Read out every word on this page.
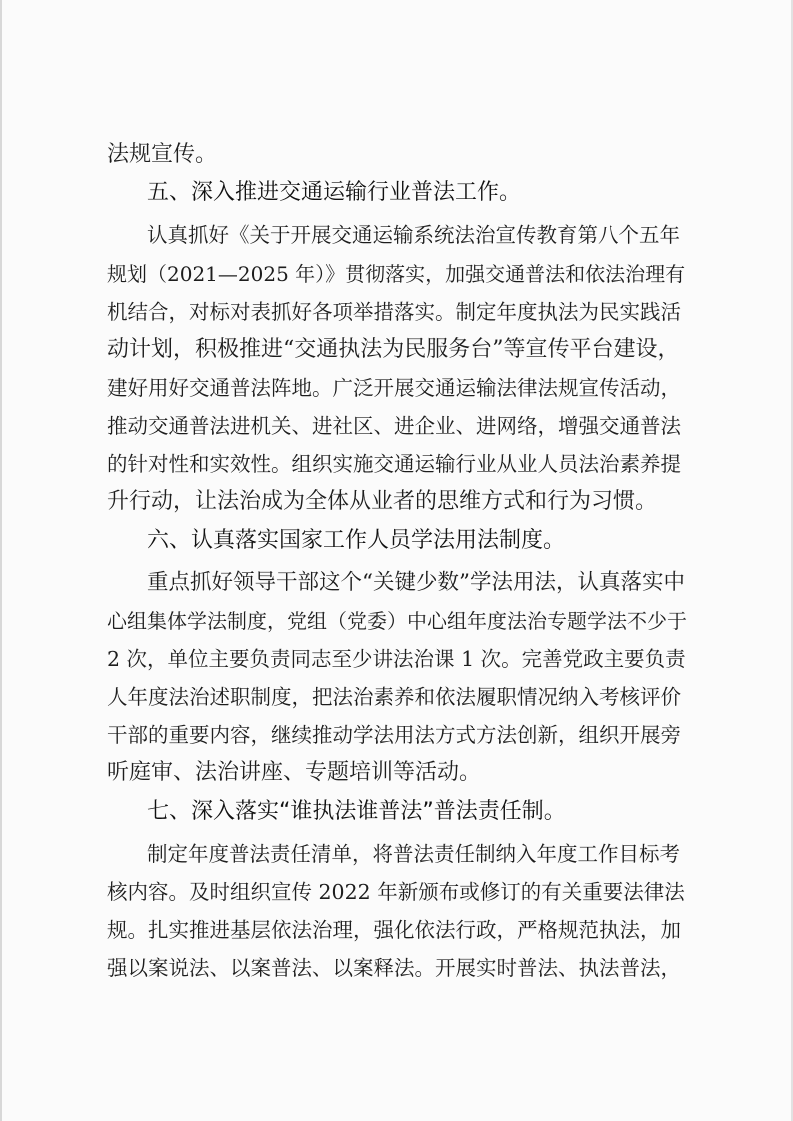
法规宣传。
五、深入推进交通运输行业普法工作。
认真抓好《关于开展交通运输系统法治宣传教育第八个五年
规划（2021—2025 年）》贯彻落实，加强交通普法和依法治理有
机结合，对标对表抓好各项举措落实。制定年度执法为民实践活
动计划，积极推进“交通执法为民服务台”等宣传平台建设，
建好用好交通普法阵地。广泛开展交通运输法律法规宣传活动，
推动交通普法进机关、进社区、进企业、进网络，增强交通普法
的针对性和实效性。组织实施交通运输行业从业人员法治素养提
升行动，让法治成为全体从业者的思维方式和行为习惯。
六、认真落实国家工作人员学法用法制度。
重点抓好领导干部这个“关键少数”学法用法，认真落实中
心组集体学法制度，党组（党委）中心组年度法治专题学法不少于
2 次，单位主要负责同志至少讲法治课 1 次。完善党政主要负责
人年度法治述职制度，把法治素养和依法履职情况纳入考核评价
干部的重要内容，继续推动学法用法方式方法创新，组织开展旁
听庭审、法治讲座、专题培训等活动。
七、深入落实“谁执法谁普法”普法责任制。
制定年度普法责任清单，将普法责任制纳入年度工作目标考
核内容。及时组织宣传 2022 年新颁布或修订的有关重要法律法
规。扎实推进基层依法治理，强化依法行政，严格规范执法，加
强以案说法、以案普法、以案释法。开展实时普法、执法普法，
